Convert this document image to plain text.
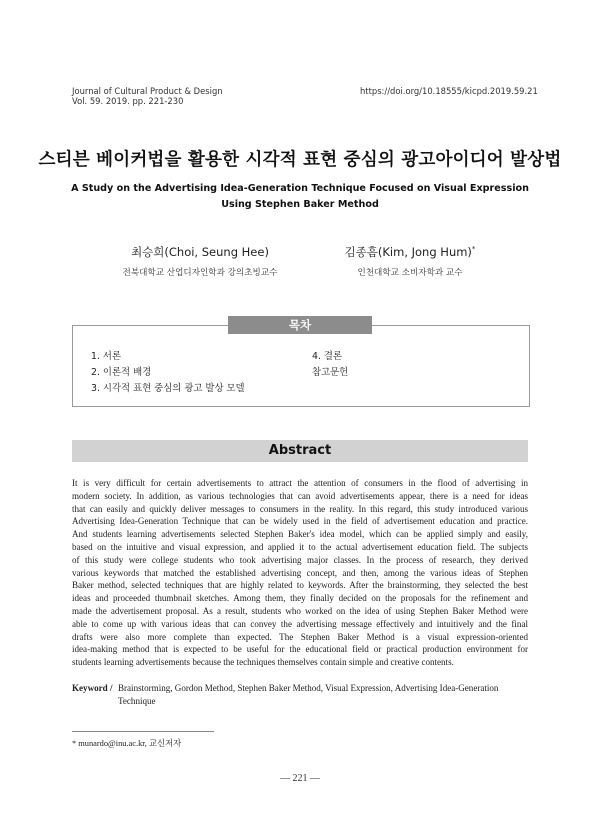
Journal of Cultural Product & Design
Vol. 59. 2019. pp. 221-230
https://doi.org/10.18555/kicpd.2019.59.21
스티븐 베이커법을 활용한 시각적 표현 중심의 광고아이디어 발상법
A Study on the Advertising Idea-Generation Technique Focused on Visual Expression
Using Stephen Baker Method
최승희(Choi, Seung Hee)
전북대학교 산업디자인학과 강의초빙교수
김종흠(Kim, Jong Hum)*
인천대학교 소비자학과 교수
목차
1. 서론
2. 이론적 배경
3. 시각적 표현 중심의 광고 발상 모델
4. 결론
참고문헌
Abstract
It is very difficult for certain advertisements to attract the attention of consumers in the flood of advertising in
modern society. In addition, as various technologies that can avoid advertisements appear, there is a need for ideas
that can easily and quickly deliver messages to consumers in the reality. In this regard, this study introduced various
Advertising Idea-Generation Technique that can be widely used in the field of advertisement education and practice.
And students learning advertisements selected Stephen Baker's idea model, which can be applied simply and easily,
based on the intuitive and visual expression, and applied it to the actual advertisement education field. The subjects
of this study were college students who took advertising major classes. In the process of research, they derived
various keywords that matched the established advertising concept, and then, among the various ideas of Stephen
Baker method, selected techniques that are highly related to keywords. After the brainstorming, they selected the best
ideas and proceeded thumbnail sketches. Among them, they finally decided on the proposals for the refinement and
made the advertisement proposal. As a result, students who worked on the idea of using Stephen Baker Method were
able to come up with various ideas that can convey the advertising message effectively and intuitively and the final
drafts were also more complete than expected. The Stephen Baker Method is a visual expression-oriented
idea-making method that is expected to be useful for the educational field or practical production environment for
students learning advertisements because the techniques themselves contain simple and creative contents.
Keyword / Brainstorming, Gordon Method, Stephen Baker Method, Visual Expression, Advertising Idea-Generation
Technique
* munardo@inu.ac.kr, 교신저자
— 221 —
